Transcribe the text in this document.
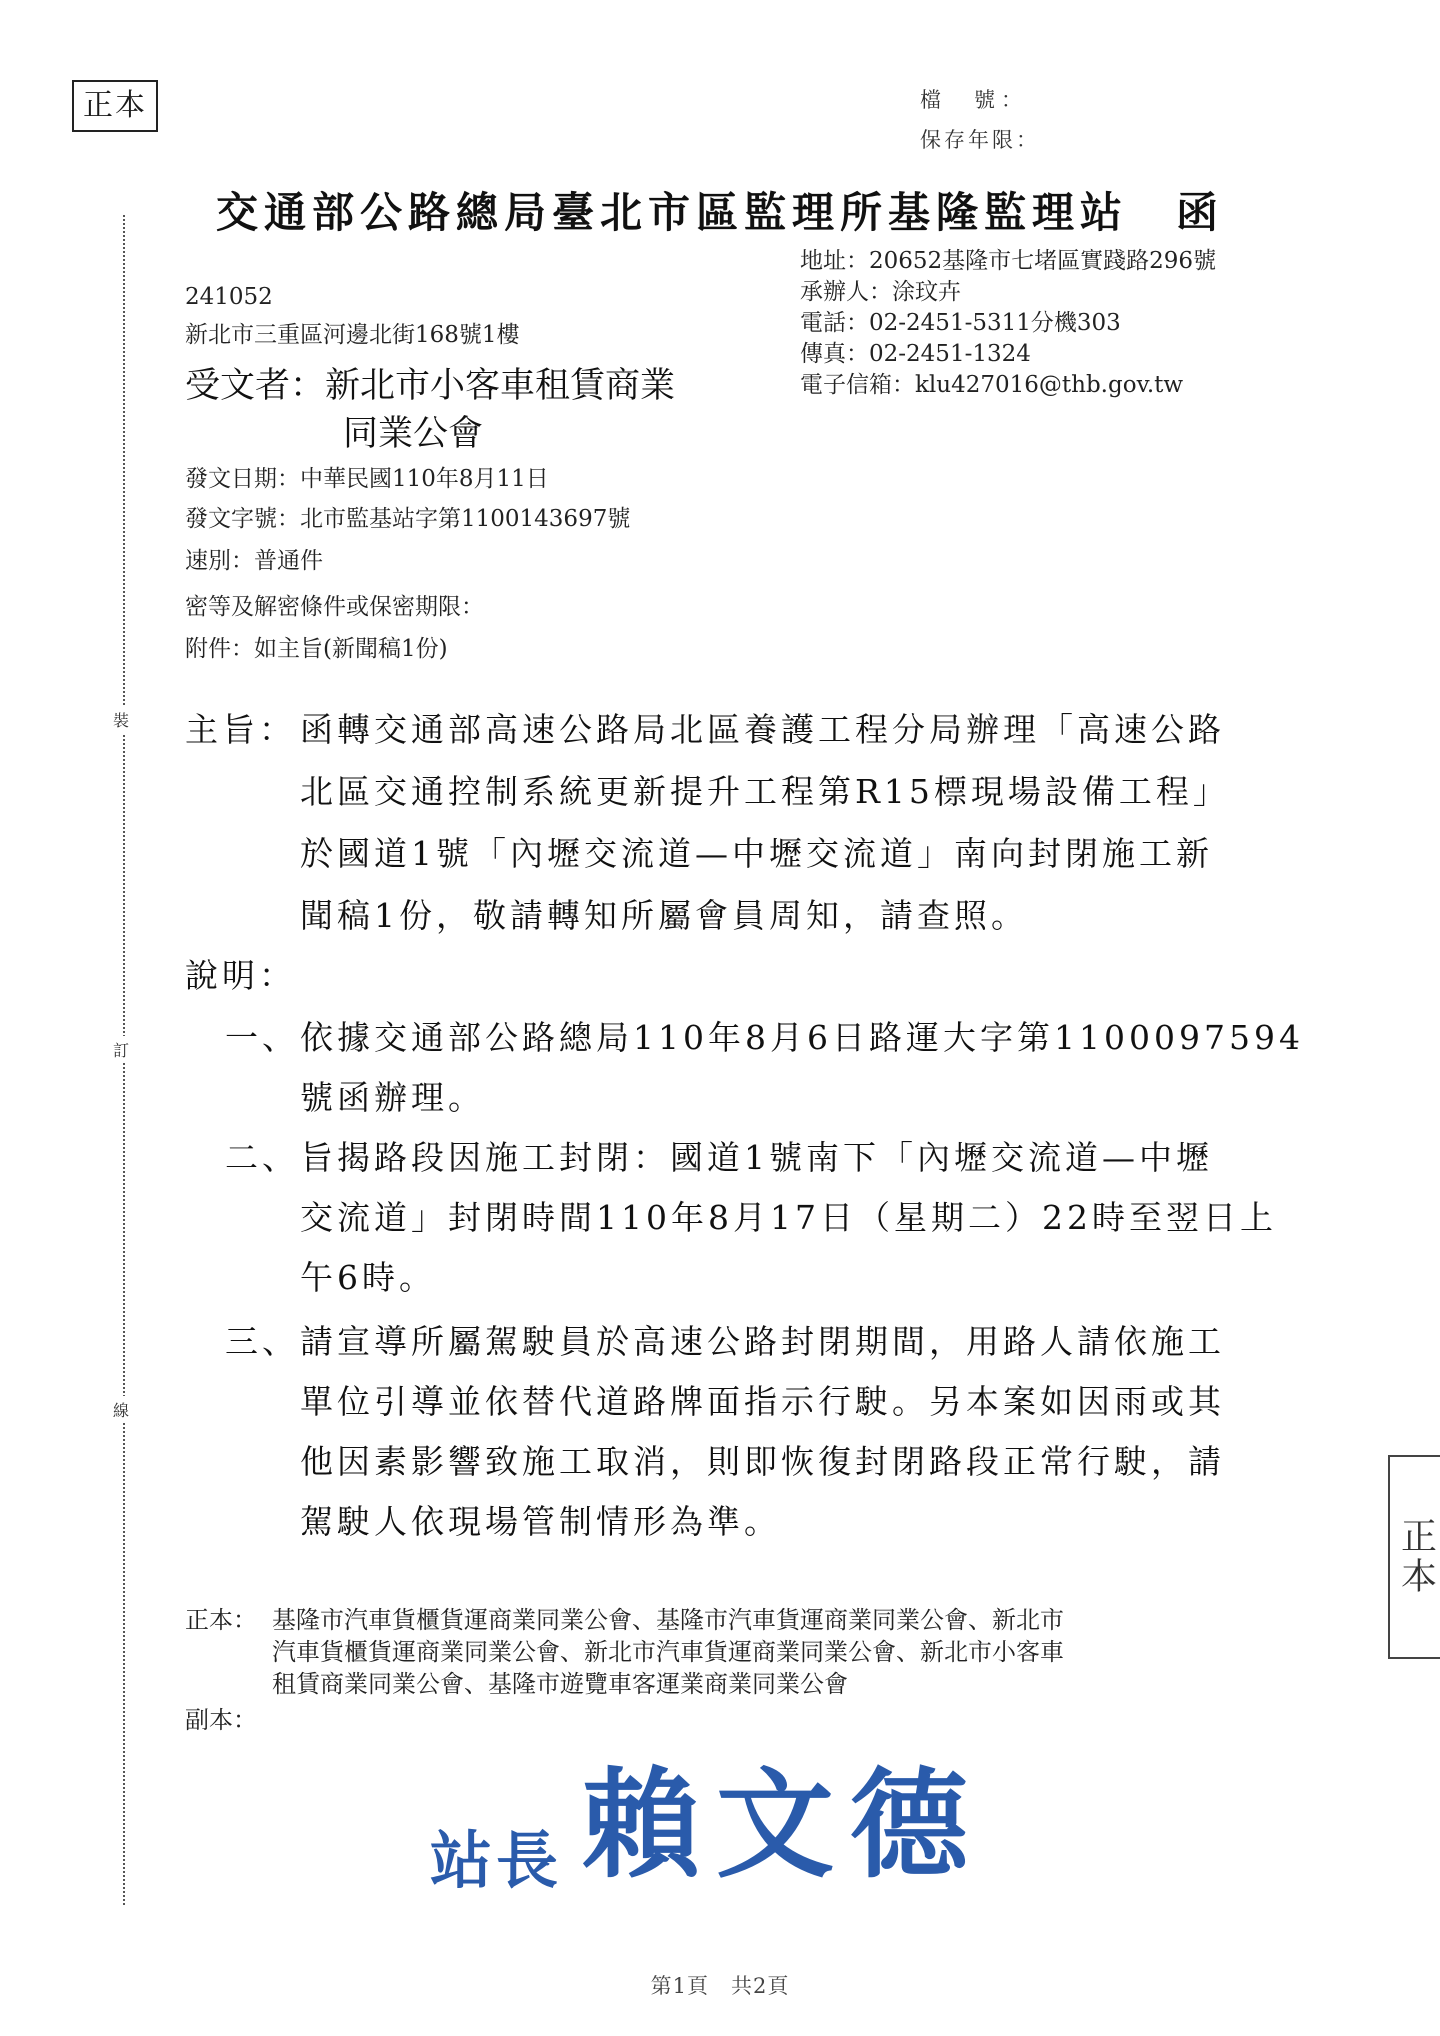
正本	檔　號：
保存年限：
交通部公路總局臺北市區監理所基隆監理站　函
裝
訂
線
地址：20652基隆市七堵區實踐路296號
承辦人：涂玟卉
電話：02-2451-5311分機303
傳真：02-2451-1324
電子信箱：klu427016@thb.gov.tw
241052
新北市三重區河邊北街168號1樓
受文者：新北市小客車租賃商業
同業公會
發文日期：中華民國110年8月11日
發文字號：北市監基站字第1100143697號
速別：普通件
密等及解密條件或保密期限：
附件：如主旨(新聞稿1份)
主旨： 函轉交通部高速公路局北區養護工程分局辦理「高速公路
北區交通控制系統更新提升工程第R15標現場設備工程」
於國道1號「內壢交流道—中壢交流道」南向封閉施工新
聞稿1份，敬請轉知所屬會員周知，請查照。
說明：
一、 依據交通部公路總局110年8月6日路運大字第1100097594
號函辦理。
二、 旨揭路段因施工封閉：國道1號南下「內壢交流道—中壢
交流道」封閉時間110年8月17日（星期二）22時至翌日上
午6時。
三、 請宣導所屬駕駛員於高速公路封閉期間，用路人請依施工
單位引導並依替代道路牌面指示行駛。另本案如因雨或其
他因素影響致施工取消，則即恢復封閉路段正常行駛，請
駕駛人依現場管制情形為準。
正本： 基隆市汽車貨櫃貨運商業同業公會、基隆市汽車貨運商業同業公會、新北市
汽車貨櫃貨運商業同業公會、新北市汽車貨運商業同業公會、新北市小客車
租賃商業同業公會、基隆市遊覽車客運業商業同業公會
副本：
站長 賴文德
正本
第1頁　共2頁
